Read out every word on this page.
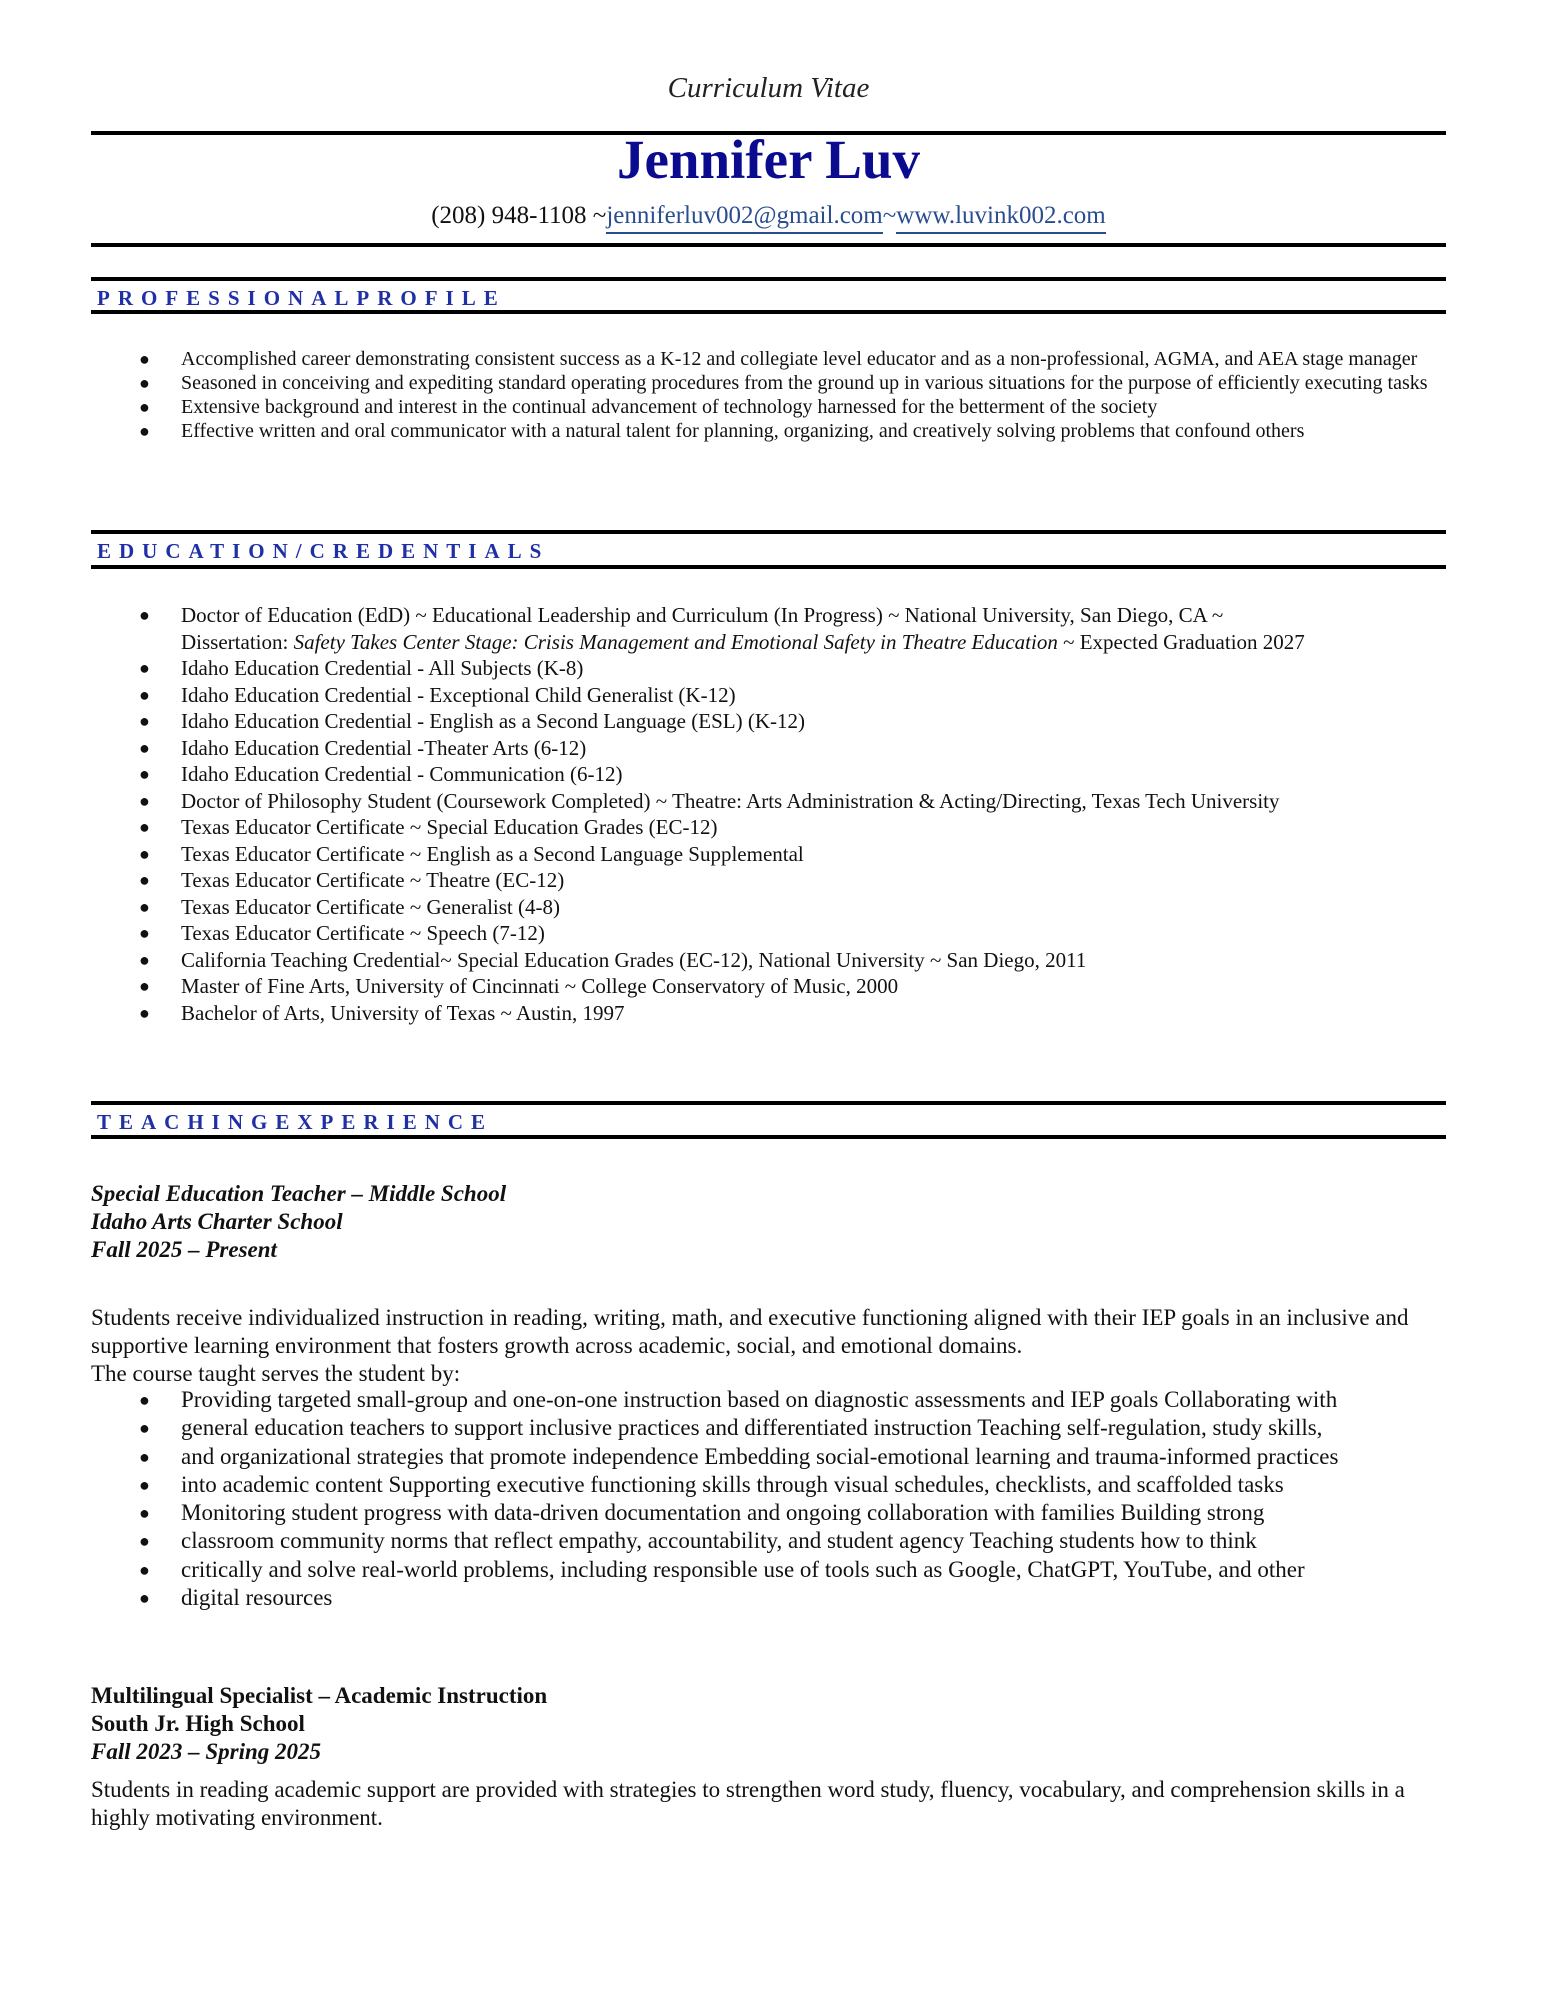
Curriculum Vitae
Jennifer Luv
(208) 948-1108 ~jenniferluv002@gmail.com~www.luvink002.com
PROFESSIONALPROFILE
● Accomplished career demonstrating consistent success as a K-12 and collegiate level educator and as a non-professional, AGMA, and AEA stage manager
● Seasoned in conceiving and expediting standard operating procedures from the ground up in various situations for the purpose of efficiently executing tasks
● Extensive background and interest in the continual advancement of technology harnessed for the betterment of the society
● Effective written and oral communicator with a natural talent for planning, organizing, and creatively solving problems that confound others
EDUCATION/CREDENTIALS
● Doctor of Education (EdD) ~ Educational Leadership and Curriculum (In Progress) ~ National University, San Diego, CA ~
Dissertation: Safety Takes Center Stage: Crisis Management and Emotional Safety in Theatre Education ~ Expected Graduation 2027
● Idaho Education Credential - All Subjects (K-8)
● Idaho Education Credential - Exceptional Child Generalist (K-12)
● Idaho Education Credential - English as a Second Language (ESL) (K-12)
● Idaho Education Credential -Theater Arts (6-12)
● Idaho Education Credential - Communication (6-12)
● Doctor of Philosophy Student (Coursework Completed) ~ Theatre: Arts Administration & Acting/Directing, Texas Tech University
● Texas Educator Certificate ~ Special Education Grades (EC-12)
● Texas Educator Certificate ~ English as a Second Language Supplemental
● Texas Educator Certificate ~ Theatre (EC-12)
● Texas Educator Certificate ~ Generalist (4-8)
● Texas Educator Certificate ~ Speech (7-12)
● California Teaching Credential~ Special Education Grades (EC-12), National University ~ San Diego, 2011
● Master of Fine Arts, University of Cincinnati ~ College Conservatory of Music, 2000
● Bachelor of Arts, University of Texas ~ Austin, 1997
TEACHINGEXPERIENCE
Special Education Teacher – Middle School
Idaho Arts Charter School
Fall 2025 – Present
Students receive individualized instruction in reading, writing, math, and executive functioning aligned with their IEP goals in an inclusive and supportive learning environment that fosters growth across academic, social, and emotional domains.
The course taught serves the student by:
● Providing targeted small-group and one-on-one instruction based on diagnostic assessments and IEP goals Collaborating with
● general education teachers to support inclusive practices and differentiated instruction Teaching self-regulation, study skills,
● and organizational strategies that promote independence Embedding social-emotional learning and trauma-informed practices
● into academic content Supporting executive functioning skills through visual schedules, checklists, and scaffolded tasks
● Monitoring student progress with data-driven documentation and ongoing collaboration with families Building strong
● classroom community norms that reflect empathy, accountability, and student agency Teaching students how to think
● critically and solve real-world problems, including responsible use of tools such as Google, ChatGPT, YouTube, and other
● digital resources
Multilingual Specialist – Academic Instruction
South Jr. High School
Fall 2023 – Spring 2025
Students in reading academic support are provided with strategies to strengthen word study, fluency, vocabulary, and comprehension skills in a highly motivating environment.
